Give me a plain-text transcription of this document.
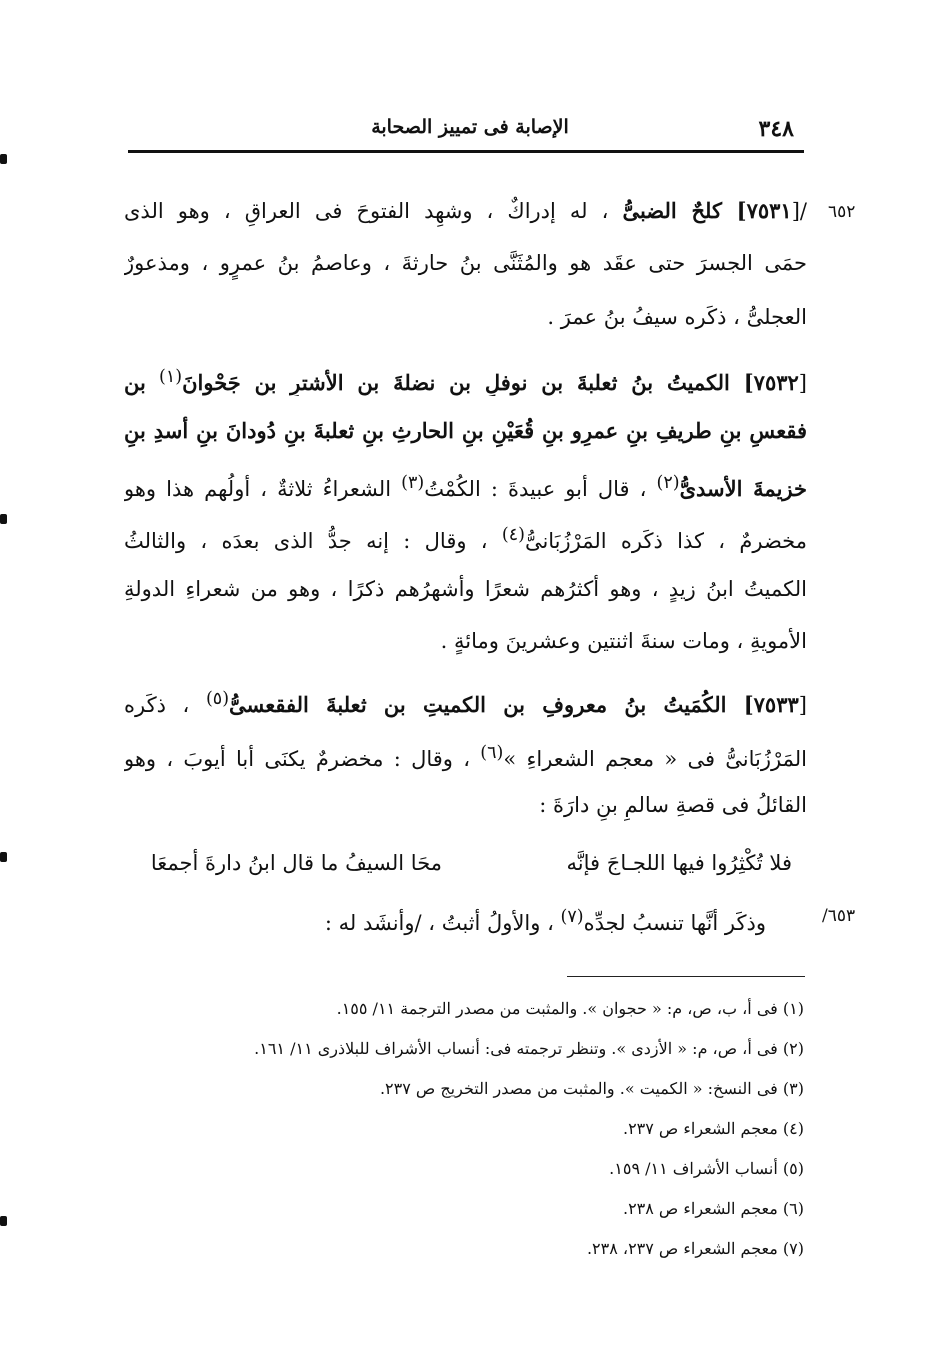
٣٤٨
الإصابة فى تمييز الصحابة
٦٥٢
/٦٥٣
/[٧٥٣١] كلحٌ الضبىُّ ، له إدراكٌ ، وشهِد الفتوحَ فى العراقِ ، وهو الذى
حمَى الجسرَ حتى عقَد هو والمُثَنَّى بنُ حارثةَ ، وعاصمُ بنُ عمرٍو ، ومذعورٌ
العجلىُّ ، ذكَره سيفُ بنُ عمرَ .
[٧٥٣٢] الكميتُ بنُ ثعلبةَ بنِ نوفلِ بنِ نضلةَ بنِ الأشترِ بنِ جَحْوانَ$^{(١)}$ بنِ
فقعسِ بنِ طريفِ بنِ عمرِو بنِ قُعَيْنِ بنِ الحارثِ بنِ ثعلبةَ بنِ دُودانَ بنِ أسدِ بنِ
خزيمةَ الأسدىُّ$^{(٢)}$ ، قال أبو عبيدةَ : الكُمْتُ$^{(٣)}$ الشعراءُ ثلاثةٌ ، أولُهم هذا وهو
مخضرمٌ ، كذا ذكَره المَرْزُبَانىُّ$^{(٤)}$ ، وقال : إنه جدُّ الذى بعدَه ، والثالثُ
الكميتُ ابنُ زيدٍ ، وهو أكثرُهم شعرًا وأشهرُهم ذكرًا ، وهو من شعراءِ الدولةِ
الأمويةِ ، ومات سنةَ اثنتين وعشرينَ ومائةٍ .
[٧٥٣٣] الكُمَيتُ بنُ معروفِ بنِ الكميتِ بنِ ثعلبةَ الفقعسىُّ$^{(٥)}$ ، ذكَره
المَرْزُبَانىُّ فى « معجمِ الشعراءِ »$^{(٦)}$ ، وقال : مخضرمٌ يكنَى أبا أيوبَ ، وهو
القائلُ فى قصةِ سالمِ بنِ دارَةَ :
فلا تُكْثِرُوا فيها اللجـاجَ فإنَّه
محَا السيفُ ما قال ابنُ دارةَ أجمعَا
وذكَر أنَّها تنسبُ لجدِّه$^{(٧)}$ ، والأولُ أثبتُ ، /وأنشَد له :
(١) فى أ، ب، ص، م: « حجوان ». والمثبت من مصدر الترجمة ١١/ ١٥٥.
(٢) فى أ، ص، م: « الأزدى ». وتنظر ترجمته فى: أنساب الأشراف للبلاذرى ١١/ ١٦١.
(٣) فى النسخ: « الكميت ». والمثبت من مصدر التخريج ص ٢٣٧.
(٤) معجم الشعراء ص ٢٣٧.
(٥) أنساب الأشراف ١١/ ١٥٩.
(٦) معجم الشعراء ص ٢٣٨.
(٧) معجم الشعراء ص ٢٣٧، ٢٣٨.
